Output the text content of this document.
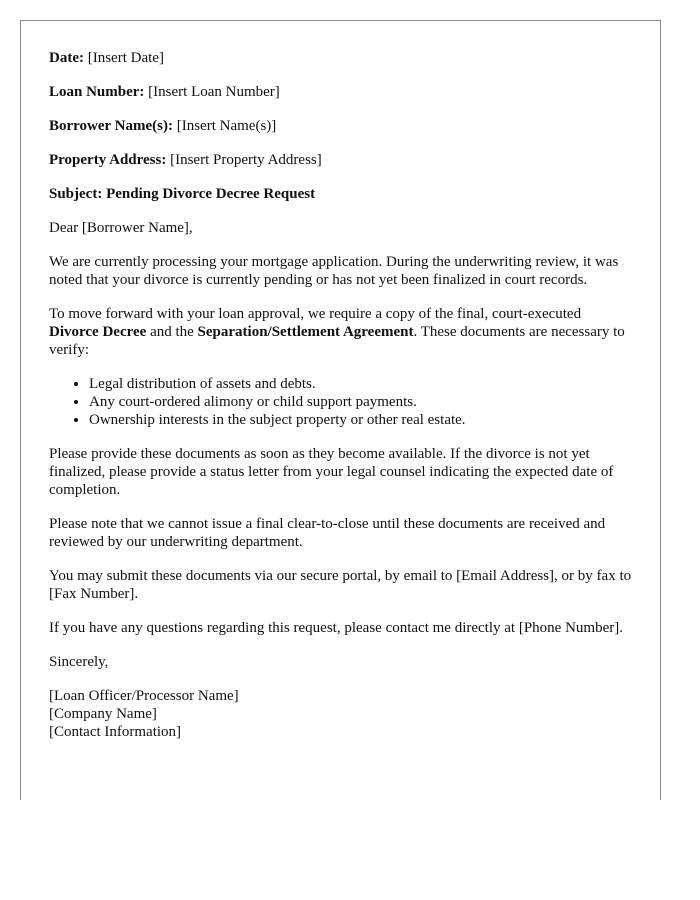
Date: [Insert Date]

Loan Number: [Insert Loan Number]

Borrower Name(s): [Insert Name(s)]

Property Address: [Insert Property Address]

Subject: Pending Divorce Decree Request

Dear [Borrower Name],

We are currently processing your mortgage application. During the underwriting review, it was noted that your divorce is currently pending or has not yet been finalized in court records.

To move forward with your loan approval, we require a copy of the final, court-executed Divorce Decree and the Separation/Settlement Agreement. These documents are necessary to verify:

• Legal distribution of assets and debts.
• Any court-ordered alimony or child support payments.
• Ownership interests in the subject property or other real estate.

Please provide these documents as soon as they become available. If the divorce is not yet finalized, please provide a status letter from your legal counsel indicating the expected date of completion.

Please note that we cannot issue a final clear-to-close until these documents are received and reviewed by our underwriting department.

You may submit these documents via our secure portal, by email to [Email Address], or by fax to [Fax Number].

If you have any questions regarding this request, please contact me directly at [Phone Number].

Sincerely,

[Loan Officer/Processor Name]
[Company Name]
[Contact Information]
